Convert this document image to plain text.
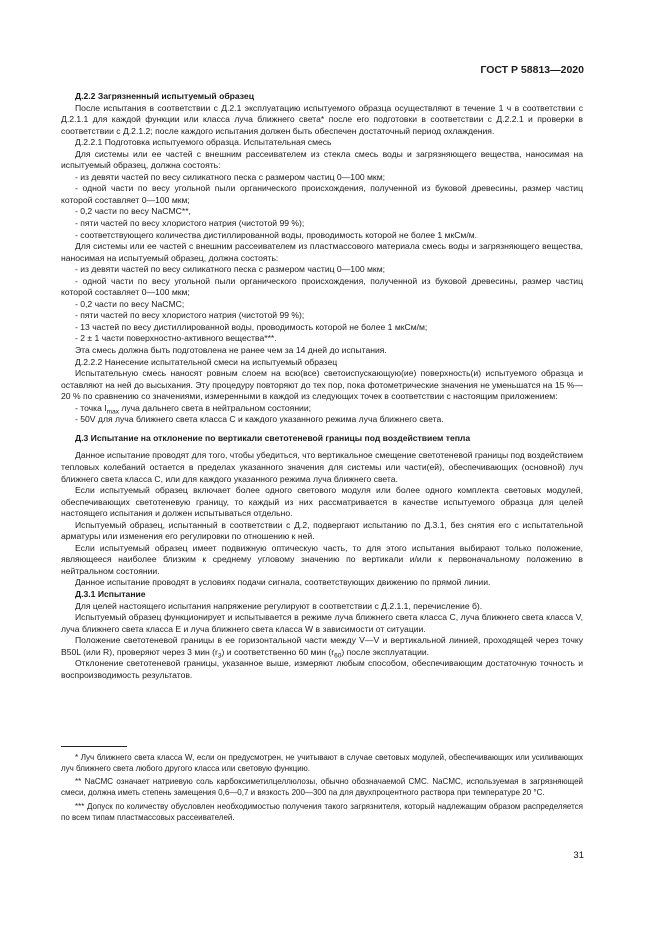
ГОСТ Р 58813—2020

Д.2.2 Загрязненный испытуемый образец

После испытания в соответствии с Д.2.1 эксплуатацию испытуемого образца осуществляют в течение 1 ч в соответствии с Д.2.1.1 для каждой функции или класса луча ближнего света* после его подготовки в соответствии с Д.2.2.1 и проверки в соответствии с Д.2.1.2; после каждого испытания должен быть обеспечен достаточный период охлаждения.

Д.2.2.1 Подготовка испытуемого образца. Испытательная смесь

Для системы или ее частей с внешним рассеивателем из стекла смесь воды и загрязняющего вещества, наносимая на испытуемый образец, должна состоять:

- из девяти частей по весу силикатного песка с размером частиц 0—100 мкм;

- одной части по весу угольной пыли органического происхождения, полученной из буковой древесины, размер частиц которой составляет 0—100 мкм;

- 0,2 части по весу NaCMC**,

- пяти частей по весу хлористого натрия (чистотой 99 %);

- соответствующего количества дистиллированной воды, проводимость которой не более 1 мкСм/м.

Для системы или ее частей с внешним рассеивателем из пластмассового материала смесь воды и загрязняющего вещества, наносимая на испытуемый образец, должна состоять:

- из девяти частей по весу силикатного песка с размером частиц 0—100 мкм;

- одной части по весу угольной пыли органического происхождения, полученной из буковой древесины, размер частиц которой составляет 0—100 мкм;

- 0,2 части по весу NaCMC;

- пяти частей по весу хлористого натрия (чистотой 99 %);

- 13 частей по весу дистиллированной воды, проводимость которой не более 1 мкСм/м;

- 2 ± 1 части поверхностно-активного вещества***.

Эта смесь должна быть подготовлена не ранее чем за 14 дней до испытания.

Д.2.2.2 Нанесение испытательной смеси на испытуемый образец

Испытательную смесь наносят ровным слоем на всю(все) светоиспускающую(ие) поверхность(и) испытуемого образца и оставляют на ней до высыхания. Эту процедуру повторяют до тех пор, пока фотометрические значения не уменьшатся на 15 %—20 % по сравнению со значениями, измеренными в каждой из следующих точек в соответствии с настоящим приложением:

- точка $I_{max}$ луча дальнего света в нейтральном состоянии;

- 50V для луча ближнего света класса С и каждого указанного режима луча ближнего света.

Д.3 Испытание на отклонение по вертикали светотеневой границы под воздействием тепла

Данное испытание проводят для того, чтобы убедиться, что вертикальное смещение светотеневой границы под воздействием тепловых колебаний остается в пределах указанного значения для системы или части(ей), обеспечивающих (основной) луч ближнего света класса С, или для каждого указанного режима луча ближнего света.

Если испытуемый образец включает более одного светового модуля или более одного комплекта световых модулей, обеспечивающих светотеневую границу, то каждый из них рассматривается в качестве испытуемого образца для целей настоящего испытания и должен испытываться отдельно.

Испытуемый образец, испытанный в соответствии с Д.2, подвергают испытанию по Д.3.1, без снятия его с испытательной арматуры или изменения его регулировки по отношению к ней.

Если испытуемый образец имеет подвижную оптическую часть, то для этого испытания выбирают только положение, являющееся наиболее близким к среднему угловому значению по вертикали и/или к первоначальному положению в нейтральном состоянии.

Данное испытание проводят в условиях подачи сигнала, соответствующих движению по прямой линии.

Д.3.1 Испытание

Для целей настоящего испытания напряжение регулируют в соответствии с Д.2.1.1, перечисление б).

Испытуемый образец функционирует и испытывается в режиме луча ближнего света класса С, луча ближнего света класса V, луча ближнего света класса Е и луча ближнего света класса W в зависимости от ситуации.

Положение светотеневой границы в ее горизонтальной части между V—V и вертикальной линией, проходящей через точку В50L (или R), проверяют через 3 мин $(r_3)$ и соответственно 60 мин $(r_{60})$ после эксплуатации.

Отклонение светотеневой границы, указанное выше, измеряют любым способом, обеспечивающим достаточную точность и воспроизводимость результатов.

* Луч ближнего света класса W, если он предусмотрен, не учитывают в случае световых модулей, обеспечивающих или усиливающих луч ближнего света любого другого класса или световую функцию.

** NaCMC означает натриевую соль карбоксиметилцеллюлозы, обычно обозначаемой CMC. NaCMC, используемая в загрязняющей смеси, должна иметь степень замещения 0,6—0,7 и вязкость 200—300 па для двухпроцентного раствора при температуре 20 °С.

*** Допуск по количеству обусловлен необходимостью получения такого загрязнителя, который надлежащим образом распределяется по всем типам пластмассовых рассеивателей.

31
